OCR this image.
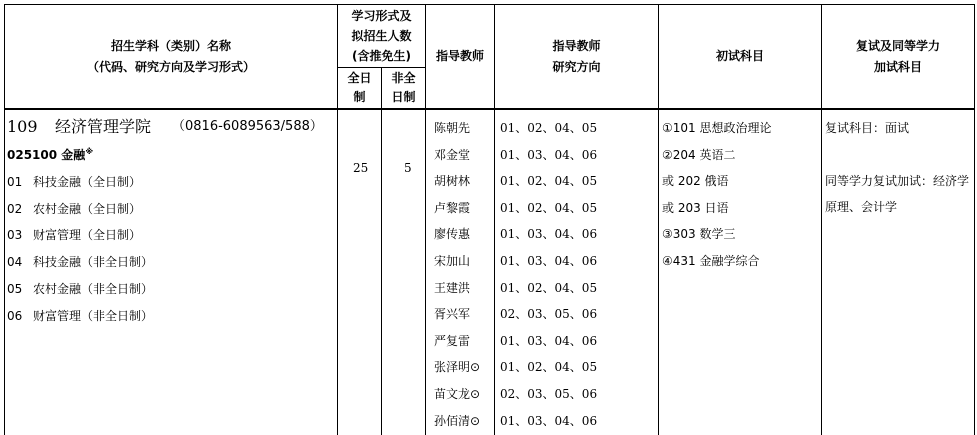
招生学科（类别）名称
（代码、研究方向及学习形式）
学习形式及
拟招生人数
(含推免生)
全日
制
非全
日制
指导教师
指导教师
研究方向
初试科目
复试及同等学力
加试科目
109 经济管理学院 （0816-6089563/588）
025100 金融※
01 科技金融（全日制）
02 农村金融（全日制）
03 财富管理（全日制）
04 科技金融（非全日制）
05 农村金融（非全日制）
06 财富管理（非全日制）
25	5
陈朝先 01、02、04、05
邓金堂 01、03、04、06
胡树林 01、02、04、05
卢黎霞 01、02、04、05
廖传惠 01、03、04、06
宋加山 01、03、04、06
王建洪 01、02、04、05
胥兴军 02、03、05、06
严复雷 01、03、04、06
张泽明⊙ 01、02、04、05
苗文龙⊙ 02、03、05、06
孙佰清⊙ 01、03、04、06
①101 思想政治理论
②204 英语二
或 202 俄语
或 203 日语
③303 数学三
④431 金融学综合
复试科目：面试
同等学力复试加试：经济学原理、会计学
